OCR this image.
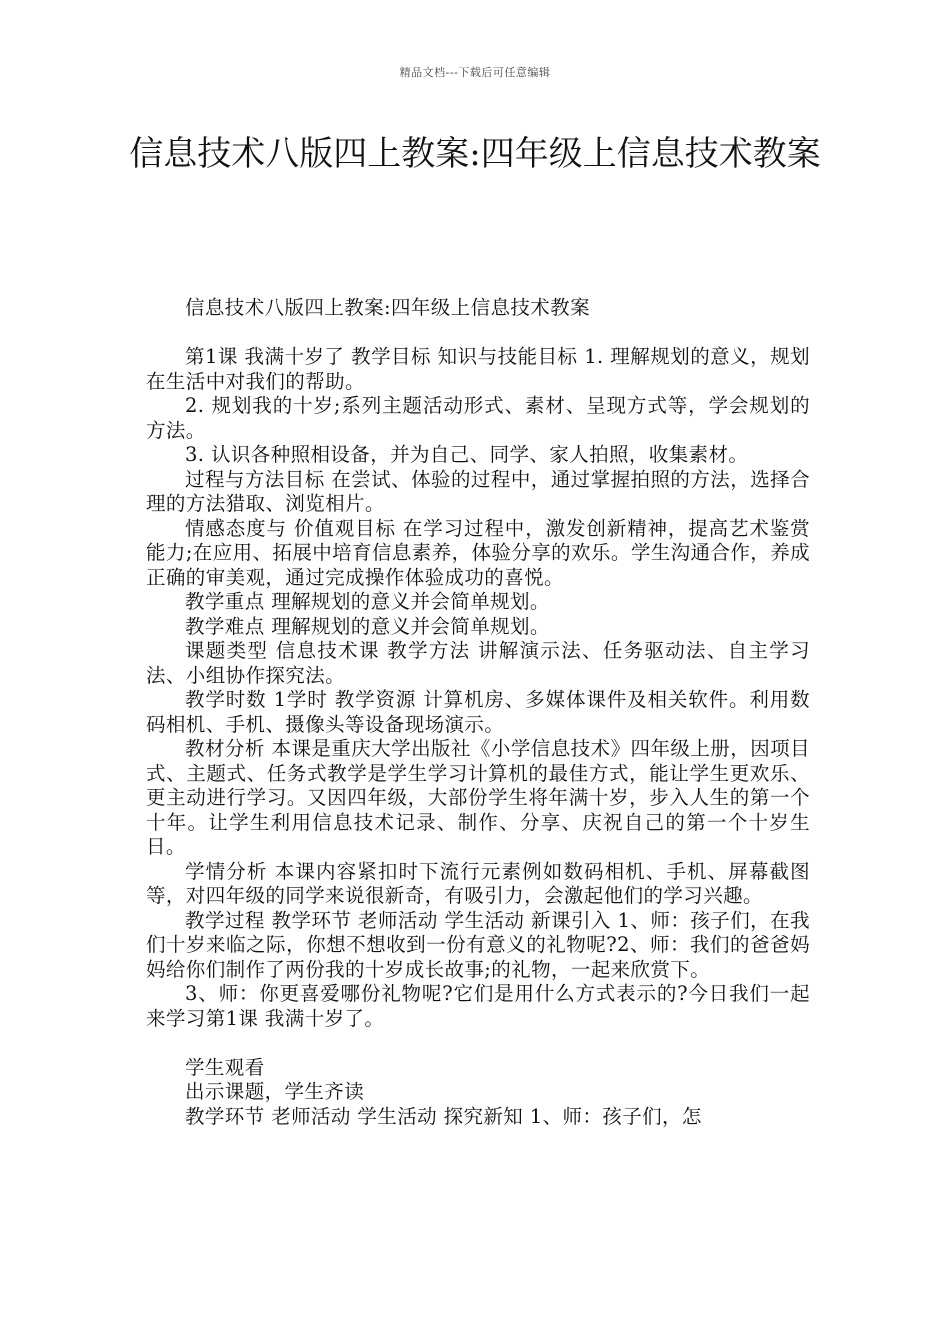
精品文档---下载后可任意编辑
信息技术八版四上教案:四年级上信息技术教案

信息技术八版四上教案:四年级上信息技术教案

第1课 我满十岁了 教学目标 知识与技能目标 1. 理解规划的意义，规划在生活中对我们的帮助。

2. 规划我的十岁;系列主题活动形式、素材、呈现方式等，学会规划的方法。

3. 认识各种照相设备，并为自己、同学、家人拍照，收集素材。

过程与方法目标 在尝试、体验的过程中，通过掌握拍照的方法，选择合理的方法猎取、浏览相片。

情感态度与 价值观目标 在学习过程中，激发创新精神，提高艺术鉴赏能力;在应用、拓展中培育信息素养，体验分享的欢乐。学生沟通合作，养成正确的审美观，通过完成操作体验成功的喜悦。

教学重点 理解规划的意义并会简单规划。

教学难点 理解规划的意义并会简单规划。

课题类型 信息技术课 教学方法 讲解演示法、任务驱动法、自主学习法、小组协作探究法。

教学时数 1学时 教学资源 计算机房、多媒体课件及相关软件。利用数码相机、手机、摄像头等设备现场演示。

教材分析 本课是重庆大学出版社《小学信息技术》四年级上册，因项目式、主题式、任务式教学是学生学习计算机的最佳方式，能让学生更欢乐、更主动进行学习。又因四年级，大部份学生将年满十岁，步入人生的第一个十年。让学生利用信息技术记录、制作、分享、庆祝自己的第一个十岁生日。

学情分析 本课内容紧扣时下流行元素例如数码相机、手机、屏幕截图等，对四年级的同学来说很新奇，有吸引力，会激起他们的学习兴趣。

教学过程 教学环节 老师活动 学生活动 新课引入 1、师：孩子们，在我们十岁来临之际，你想不想收到一份有意义的礼物呢?2、师：我们的爸爸妈妈给你们制作了两份我的十岁成长故事;的礼物，一起来欣赏下。

3、师：你更喜爱哪份礼物呢?它们是用什么方式表示的?今日我们一起来学习第1课 我满十岁了。

学生观看

出示课题，学生齐读

教学环节 老师活动 学生活动 探究新知 1、师：孩子们，怎
